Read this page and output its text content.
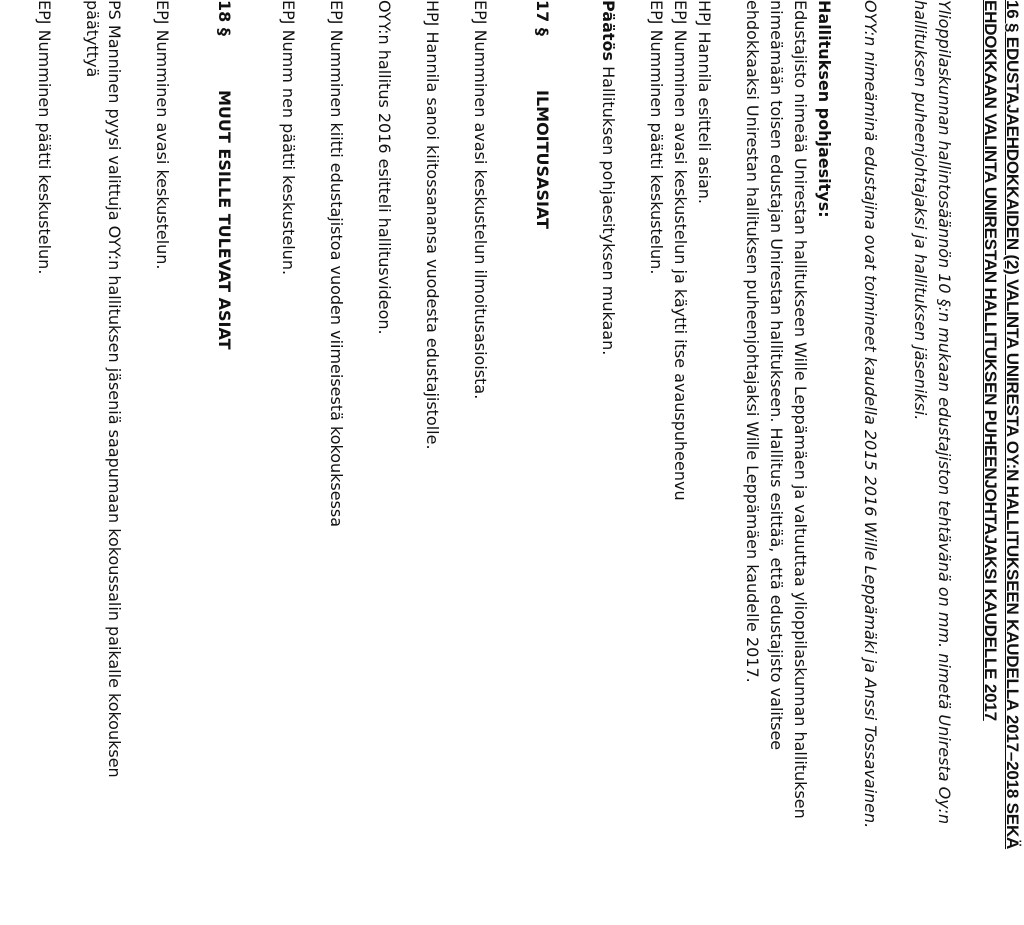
16 § EDUSTAJAEHDOKKAIDEN (2) VALINTA UNIRESTA OY:N HALLITUKSEEN KAUDELLA 2017–2018 SEKÄ
EHDOKKAAN VALINTA UNIRESTAN HALLITUKSEN PUHEENJOHTAJAKSI KAUDELLE 2017
Ylioppilaskunnan hallintosäännön 10 §:n mukaan edustajiston tehtävänä on mm. nimetä Uniresta Oy:n
hallituksen puheenjohtajaksi ja hallituksen jäseniksi.
OYY:n nimeäminä edustajina ovat toimineet kaudella 2015 2016 Wille Leppämäki ja Anssi Tossavainen.
Hallituksen pohjaesitys:
Edustajisto nimeää Unirestan hallitukseen Wille Leppämäen ja valtuuttaa ylioppilaskunnan hallituksen
nimeämään toisen edustajan Unirestan hallitukseen. Hallitus esittää, että edustajisto valitsee
ehdokkaaksi Unirestan hallituksen puheenjohtajaksi Wille Leppämäen kaudelle 2017.
HPJ Hannila esitteli asian.
EPJ Numminen avasi keskustelun ja käytti itse avauspuheenvu
EPJ Numminen päätti keskustelun.
Päätös Hallituksen pohjaesityksen mukaan.
17 §
ILMOITUSASIAT
EPJ Numminen avasi keskustelun ilmoitusasioista.
HPJ Hannila sanoi kiitossanansa vuodesta edustajistolle.
OYY:n hallitus 2016 esitteli hallitusvideon.
EPJ Numminen kiitti edustajistoa vuoden viimeisestä kokouksessa
EPJ Numm nen päätti keskustelun.
18 §
MUUT ESILLE TULEVAT ASIAT
EPJ Numminen avasi keskustelun.
PS Manninen pyysi valittuja OYY:n hallituksen jäseniä saapumaan kokoussalin paikalle kokouksen
päätyttyä
EPJ Numminen päätti keskustelun.
